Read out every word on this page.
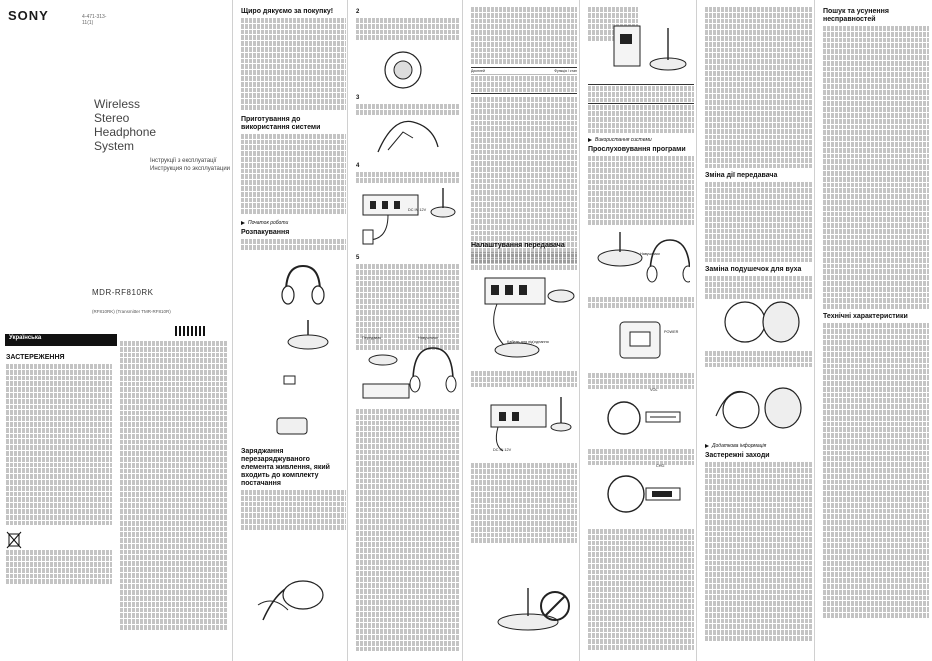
SONY	4-471-313-11(1)
Wireless Stereo
Headphone System
Українська
ЗАСТЕРЕЖЕННЯ
Інструкції з експлуатації
Инструкция по эксплуатации
MDR-RF810RK
(RF810RK) (Transmitter TMR-RF810R)
Щиро дякуємо за покупку!
Приготування до
використання системи
Початок роботи
Розпакування
Заряджання
перезаряджуваного
елемента живлення, який
входить до комплекту
постачання
2
3
4
5
Навушники
Передавач
DC IN 12V
Дисплей	Функція / стан
Налаштування передавача
Кабель для під'єднання
DC IN 12V
Використання системи
Прослуховування програми
Навушники
POWER
VOL
CHG
Зміна дії передавача
Заміна подушечок для вуха
Додаткова інформація
Застережні заходи
Пошук та усунення
несправностей
Технічні характеристики
